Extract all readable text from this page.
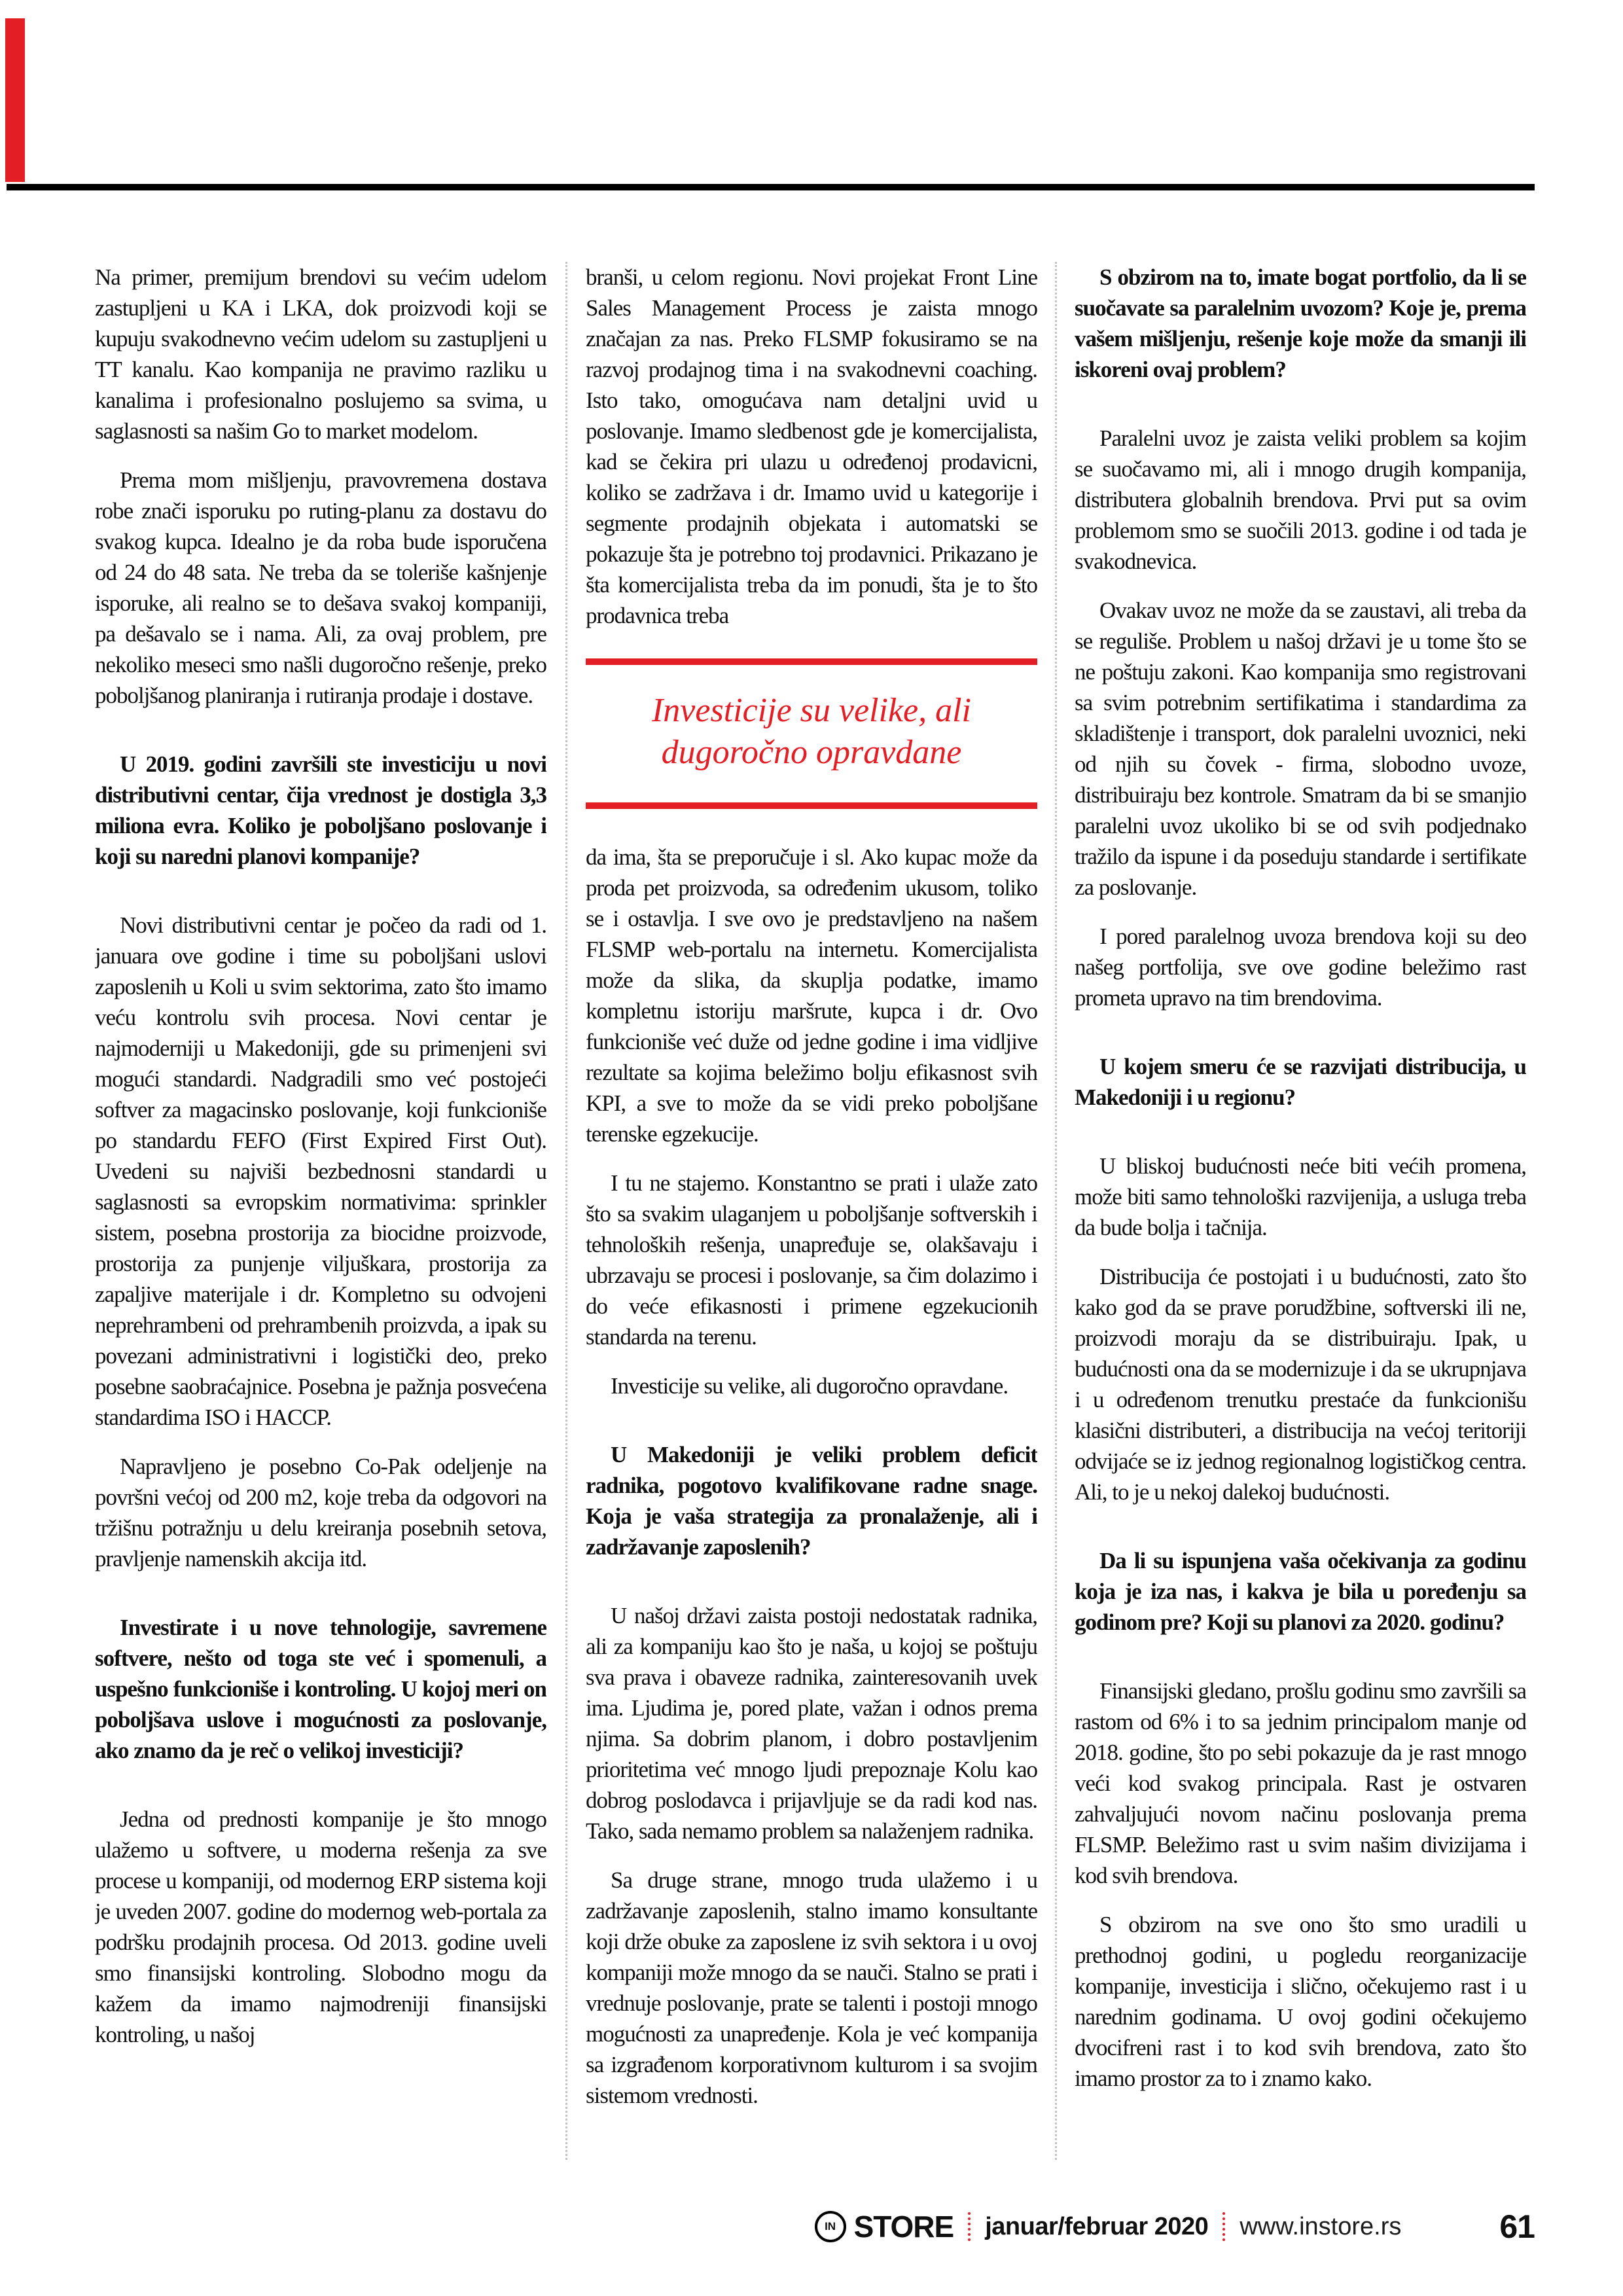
Na primer, premijum brendovi su većim udelom zastupljeni u KA i LKA, dok proizvodi koji se kupuju svakodnevno većim udelom su zastupljeni u TT kanalu. Kao kompanija ne pravimo razliku u kanalima i profesionalno poslujemo sa svima, u saglasnosti sa našim Go to market modelom.

Prema mom mišljenju, pravovremena dostava robe znači isporuku po ruting-planu za dostavu do svakog kupca. Idealno je da roba bude isporučena od 24 do 48 sata. Ne treba da se toleriše kašnjenje isporuke, ali realno se to dešava svakoj kompaniji, pa dešavalo se i nama. Ali, za ovaj problem, pre nekoliko meseci smo našli dugoročno rešenje, preko poboljšanog planiranja i rutiranja prodaje i dostave.

U 2019. godini završili ste investiciju u novi distributivni centar, čija vrednost je dostigla 3,3 miliona evra. Koliko je poboljšano poslovanje i koji su naredni planovi kompanije?

Novi distributivni centar je počeo da radi od 1. januara ove godine i time su poboljšani uslovi zaposlenih u Koli u svim sektorima, zato što imamo veću kontrolu svih procesa. Novi centar je najmoderniji u Makedoniji, gde su primenjeni svi mogući standardi. Nadgradili smo već postojeći softver za magacinsko poslovanje, koji funkcioniše po standardu FEFO (First Expired First Out). Uvedeni su najviši bezbednosni standardi u saglasnosti sa evropskim normativima: sprinkler sistem, posebna prostorija za biocidne proizvode, prostorija za punjenje viljuškara, prostorija za zapaljive materijale i dr. Kompletno su odvojeni neprehrambeni od prehrambenih proizvda, a ipak su povezani administrativni i logistički deo, preko posebne saobraćajnice. Posebna je pažnja posvećena standardima ISO i HACCP.

Napravljeno je posebno Co-Pak odeljenje na površni većoj od 200 m2, koje treba da odgovori na tržišnu potražnju u delu kreiranja posebnih setova, pravljenje namenskih akcija itd.

Investirate i u nove tehnologije, savremene softvere, nešto od toga ste već i spomenuli, a uspešno funkcioniše i kontroling. U kojoj meri on poboljšava uslove i mogućnosti za poslovanje, ako znamo da je reč o velikoj investiciji?

Jedna od prednosti kompanije je što mnogo ulažemo u softvere, u moderna rešenja za sve procese u kompaniji, od modernog ERP sistema koji je uveden 2007. godine do modernog web-portala za podršku prodajnih procesa. Od 2013. godine uveli smo finansijski kontroling. Slobodno mogu da kažem da imamo najmodreniji finansijski kontroling, u našoj

branši, u celom regionu. Novi projekat Front Line Sales Management Process je zaista mnogo značajan za nas. Preko FLSMP fokusiramo se na razvoj prodajnog tima i na svakodnevni coaching. Isto tako, omogućava nam detaljni uvid u poslovanje. Imamo sledbenost gde je komercijalista, kad se čekira pri ulazu u određenoj prodavicni, koliko se zadržava i dr. Imamo uvid u kategorije i segmente prodajnih objekata i automatski se pokazuje šta je potrebno toj prodavnici. Prikazano je šta komercijalista treba da im ponudi, šta je to što prodavnica treba

Investicije su velike, ali dugoročno opravdane

da ima, šta se preporučuje i sl. Ako kupac može da proda pet proizvoda, sa određenim ukusom, toliko se i ostavlja. I sve ovo je predstavljeno na našem FLSMP web-portalu na internetu. Komercijalista može da slika, da skuplja podatke, imamo kompletnu istoriju maršrute, kupca i dr. Ovo funkcioniše već duže od jedne godine i ima vidljive rezultate sa kojima beležimo bolju efikasnost svih KPI, a sve to može da se vidi preko poboljšane terenske egzekucije.

I tu ne stajemo. Konstantno se prati i ulaže zato što sa svakim ulaganjem u poboljšanje softverskih i tehnoloških rešenja, unapređuje se, olakšavaju i ubrzavaju se procesi i poslovanje, sa čim dolazimo i do veće efikasnosti i primene egzekucionih standarda na terenu.

Investicije su velike, ali dugoročno opravdane.

U Makedoniji je veliki problem deficit radnika, pogotovo kvalifikovane radne snage. Koja je vaša strategija za pronalaženje, ali i zadržavanje zaposlenih?

U našoj državi zaista postoji nedostatak radnika, ali za kompaniju kao što je naša, u kojoj se poštuju sva prava i obaveze radnika, zainteresovanih uvek ima. Ljudima je, pored plate, važan i odnos prema njima. Sa dobrim planom, i dobro postavljenim prioritetima već mnogo ljudi prepoznaje Kolu kao dobrog poslodavca i prijavljuje se da radi kod nas. Tako, sada nemamo problem sa nalaženjem radnika.

Sa druge strane, mnogo truda ulažemo i u zadržavanje zaposlenih, stalno imamo konsultante koji drže obuke za zaposlene iz svih sektora i u ovoj kompaniji može mnogo da se nauči. Stalno se prati i vrednuje poslovanje, prate se talenti i postoji mnogo mogućnosti za unapređenje. Kola je već kompanija sa izgrađenom korporativnom kulturom i sa svojim sistemom vrednosti.

S obzirom na to, imate bogat portfolio, da li se suočavate sa paralelnim uvozom? Koje je, prema vašem mišljenju, rešenje koje može da smanji ili iskoreni ovaj problem?

Paralelni uvoz je zaista veliki problem sa kojim se suočavamo mi, ali i mnogo drugih kompanija, distributera globalnih brendova. Prvi put sa ovim problemom smo se suočili 2013. godine i od tada je svakodnevica.

Ovakav uvoz ne može da se zaustavi, ali treba da se reguliše. Problem u našoj državi je u tome što se ne poštuju zakoni. Kao kompanija smo registrovani sa svim potrebnim sertifikatima i standardima za skladištenje i transport, dok paralelni uvoznici, neki od njih su čovek - firma, slobodno uvoze, distribuiraju bez kontrole. Smatram da bi se smanjio paralelni uvoz ukoliko bi se od svih podjednako tražilo da ispune i da poseduju standarde i sertifikate za poslovanje.

I pored paralelnog uvoza brendova koji su deo našeg portfolija, sve ove godine beležimo rast prometa upravo na tim brendovima.

U kojem smeru će se razvijati distribucija, u Makedoniji i u regionu?

U bliskoj budućnosti neće biti većih promena, može biti samo tehnološki razvijenija, a usluga treba da bude bolja i tačnija.

Distribucija će postojati i u budućnosti, zato što kako god da se prave porudžbine, softverski ili ne, proizvodi moraju da se distribuiraju. Ipak, u budućnosti ona da se modernizuje i da se ukrupnjava i u određenom trenutku prestaće da funkcionišu klasični distributeri, a distribucija na većoj teritoriji odvijaće se iz jednog regionalnog logističkog centra. Ali, to je u nekoj dalekoj budućnosti.

Da li su ispunjena vaša očekivanja za godinu koja je iza nas, i kakva je bila u poređenju sa godinom pre? Koji su planovi za 2020. godinu?

Finansijski gledano, prošlu godinu smo završili sa rastom od 6% i to sa jednim principalom manje od 2018. godine, što po sebi pokazuje da je rast mnogo veći kod svakog principala. Rast je ostvaren zahvaljujući novom načinu poslovanja prema FLSMP. Beležimo rast u svim našim divizijama i kod svih brendova.

S obzirom na sve ono što smo uradili u prethodnoj godini, u pogledu reorganizacije kompanije, investicija i slično, očekujemo rast i u narednim godinama. U ovoj godini očekujemo dvocifreni rast i to kod svih brendova, zato što imamo prostor za to i znamo kako.

IN STORE januar/februar 2020 www.instore.rs	61
